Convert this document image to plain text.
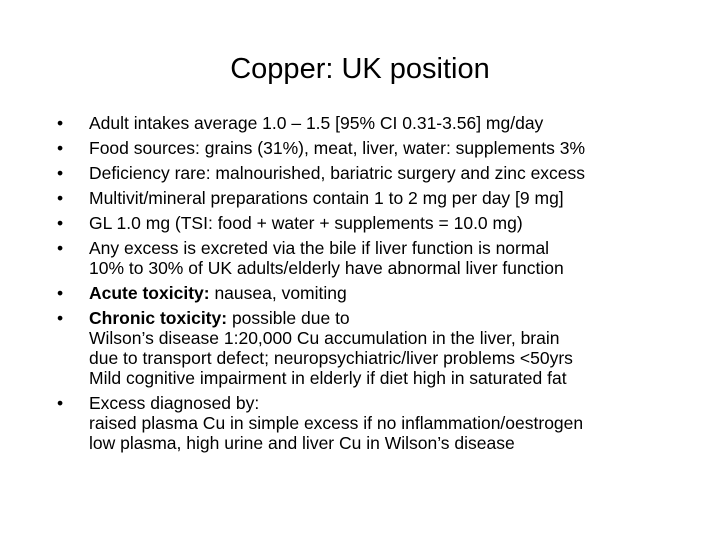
Copper: UK position
• Adult intakes average 1.0 – 1.5 [95% CI 0.31-3.56] mg/day
• Food sources: grains (31%), meat, liver, water: supplements 3%
• Deficiency rare: malnourished, bariatric surgery and zinc excess
• Multivit/mineral preparations contain 1 to 2 mg per day [9 mg]
• GL 1.0 mg (TSI: food + water + supplements = 10.0 mg)
• Any excess is excreted via the bile if liver function is normal
10% to 30% of UK adults/elderly have abnormal liver function
• Acute toxicity: nausea, vomiting
• Chronic toxicity: possible due to
Wilson’s disease 1:20,000 Cu accumulation in the liver, brain
due to transport defect; neuropsychiatric/liver problems <50yrs
Mild cognitive impairment in elderly if diet high in saturated fat
• Excess diagnosed by:
raised plasma Cu in simple excess if no inflammation/oestrogen
low plasma, high urine and liver Cu in Wilson’s disease
